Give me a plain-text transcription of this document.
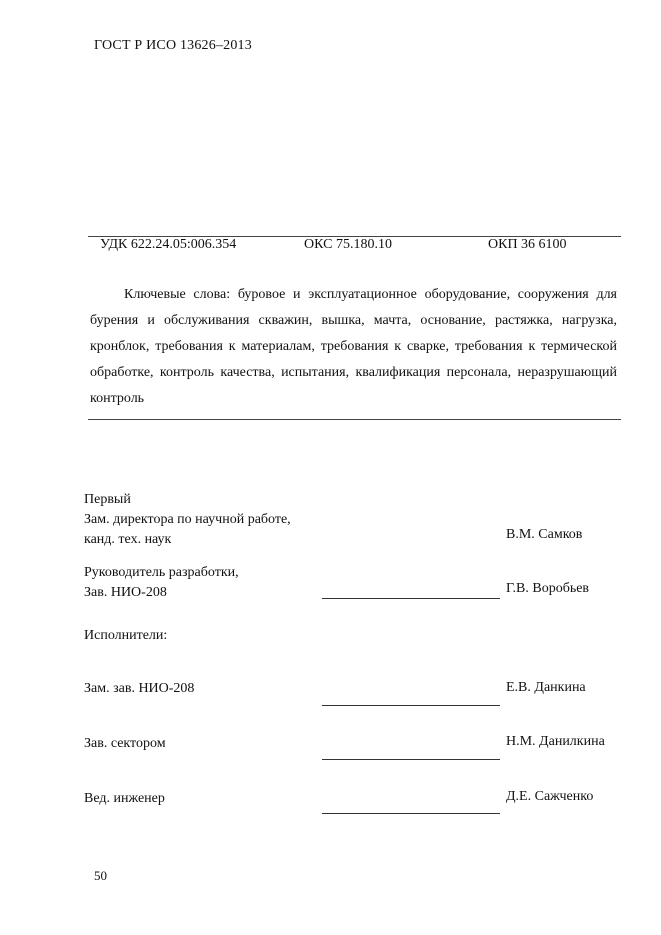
ГОСТ Р ИСО 13626–2013
УДК 622.24.05:006.354	ОКС 75.180.10	ОКП 36 6100
Ключевые слова: буровое и эксплуатационное оборудование, сооружения для бурения и обслуживания скважин, вышка, мачта, основание, растяжка, нагрузка, кронблок, требования к материалам, требования к сварке, требования к термической обработке, контроль качества, испытания, квалификация персонала, неразрушающий контроль
Первый
Зам. директора по научной работе,
канд. тех. наук	В.М. Самков
Руководитель разработки,
Зав. НИО-208	Г.В. Воробьев
Исполнители:
Зам. зав. НИО-208	Е.В. Данкина
Зав. сектором	Н.М. Данилкина
Вед. инженер	Д.Е. Сажченко
50
